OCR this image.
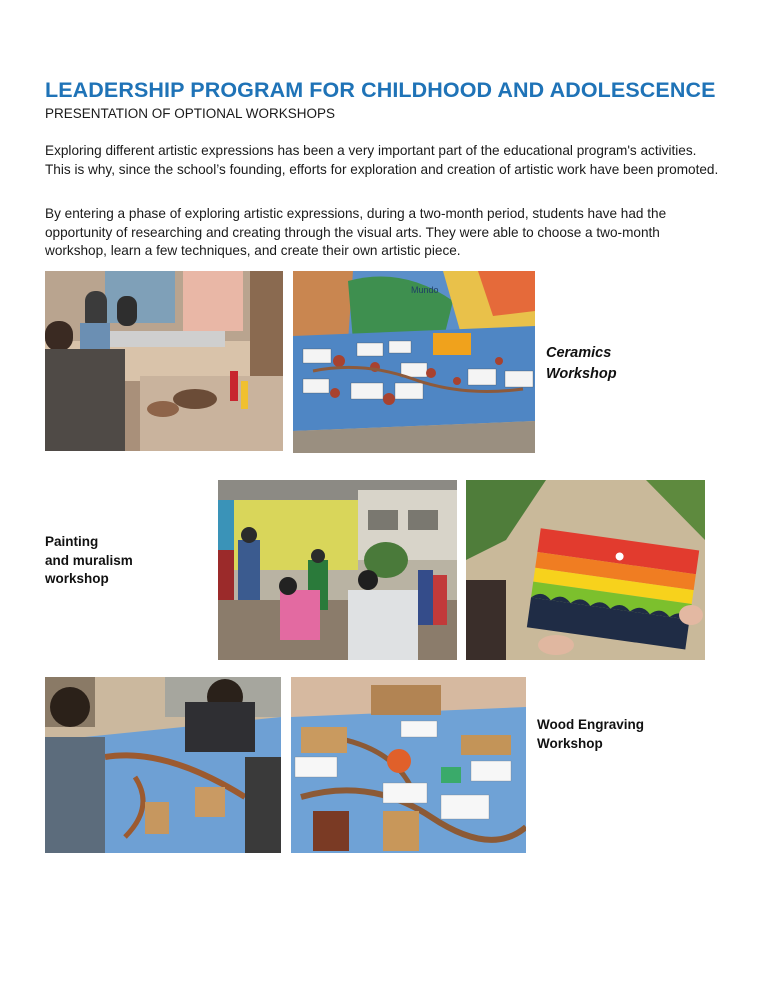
LEADERSHIP PROGRAM FOR CHILDHOOD AND ADOLESCENCE

PRESENTATION OF OPTIONAL WORKSHOPS

Exploring different artistic expressions has been a very important part of the educational program's activities. This is why, since the school’s founding, efforts for exploration and creation of artistic work have been promoted.

By entering a phase of exploring artistic expressions, during a two-month period, students have had the opportunity of researching and creating through the visual arts. They were able to choose a two-month workshop, learn a few techniques, and create their own artistic piece.

Mundo

Ceramics
Workshop

Painting
and muralism
workshop

Wood Engraving
Workshop
